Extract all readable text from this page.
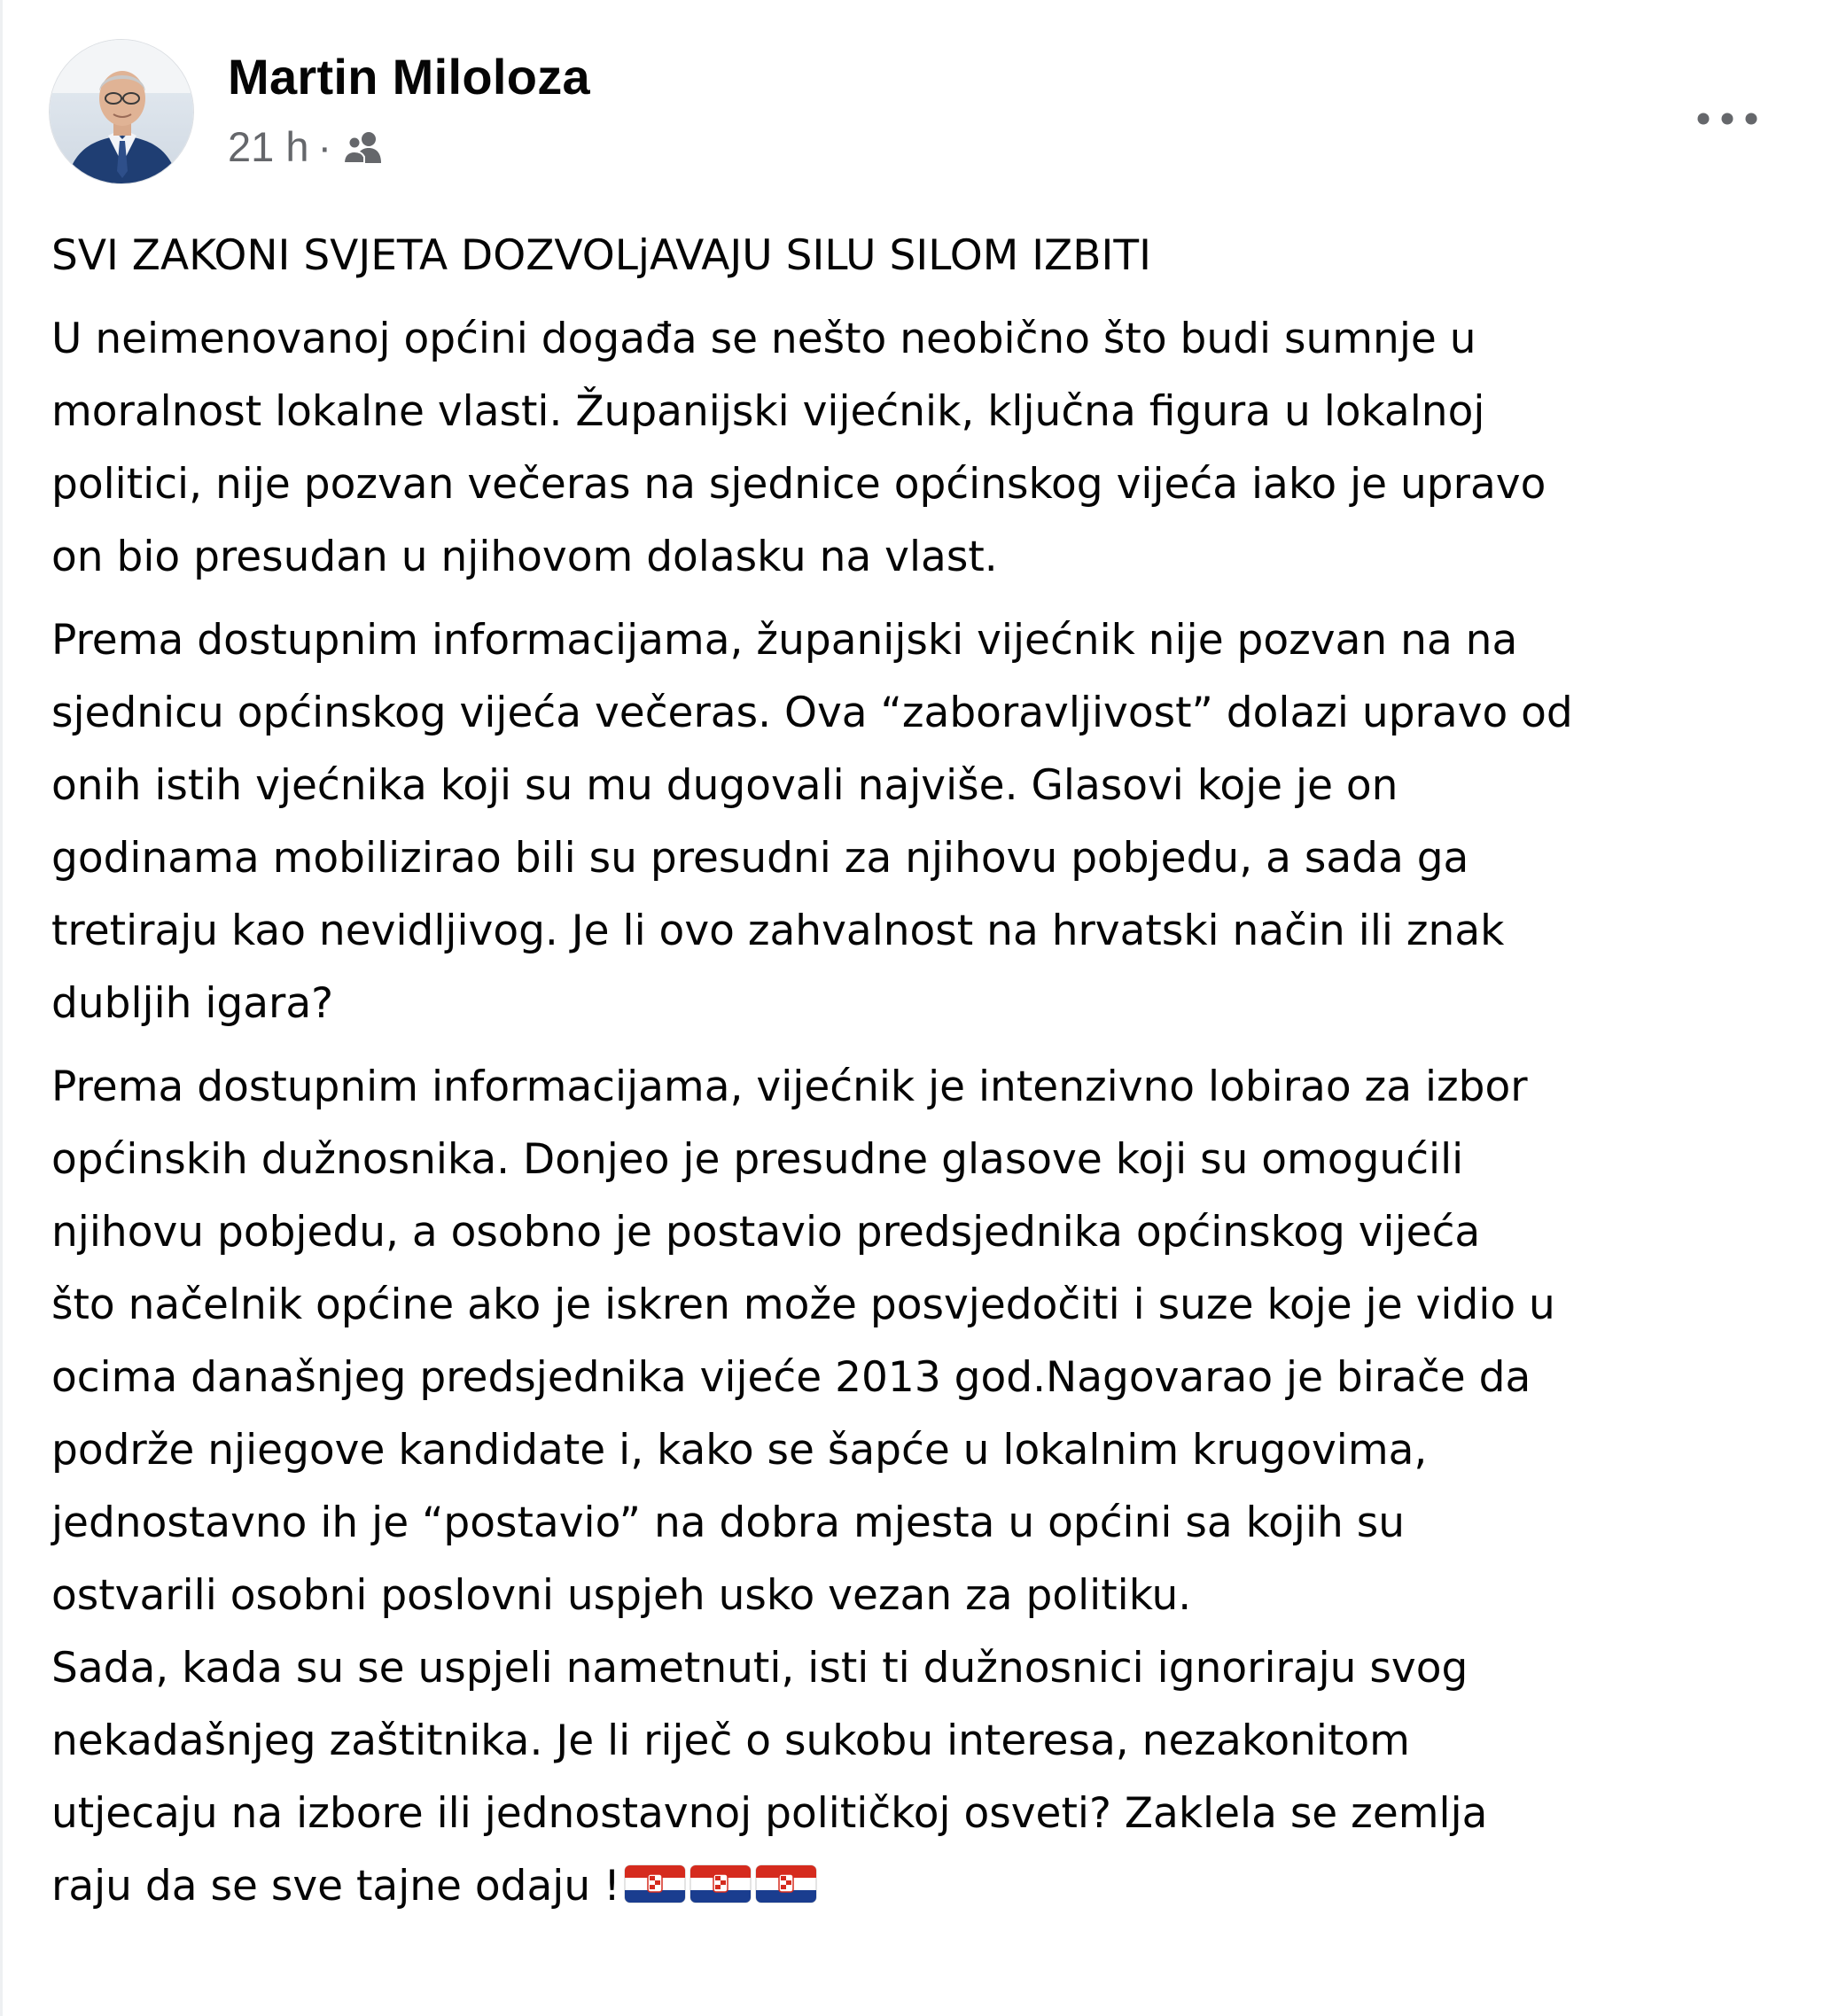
Martin Miloloza
21 h ·

SVI ZAKONI SVJETA DOZVOLjAVAJU SILU SILOM IZBITI

U neimenovanoj općini događa se nešto neobično što budi sumnje u

moralnost lokalne vlasti. Županijski vijećnik, ključna figura u lokalnoj

politici, nije pozvan večeras na sjednice općinskog vijeća iako je upravo

on bio presudan u njihovom dolasku na vlast.

Prema dostupnim informacijama, županijski vijećnik nije pozvan na na

sjednicu općinskog vijeća večeras. Ova “zaboravljivost” dolazi upravo od

onih istih vjećnika koji su mu dugovali najviše. Glasovi koje je on

godinama mobilizirao bili su presudni za njihovu pobjedu, a sada ga

tretiraju kao nevidljivog. Je li ovo zahvalnost na hrvatski način ili znak

dubljih igara?

Prema dostupnim informacijama, vijećnik je intenzivno lobirao za izbor

općinskih dužnosnika. Donjeo je presudne glasove koji su omogućili

njihovu pobjedu, a osobno je postavio predsjednika općinskog vijeća

što načelnik općine ako je iskren može posvjedočiti i suze koje je vidio u

ocima današnjeg predsjednika vijeće 2013 god.Nagovarao je birače da

podrže njiegove kandidate i, kako se šapće u lokalnim krugovima,

jednostavno ih je “postavio” na dobra mjesta u općini sa kojih su

ostvarili osobni poslovni uspjeh usko vezan za politiku.

Sada, kada su se uspjeli nametnuti, isti ti dužnosnici ignoriraju svog

nekadašnjeg zaštitnika. Je li riječ o sukobu interesa, nezakonitom

utjecaju na izbore ili jednostavnoj političkoj osveti? Zaklela se zemlja

raju da se sve tajne odaju !
